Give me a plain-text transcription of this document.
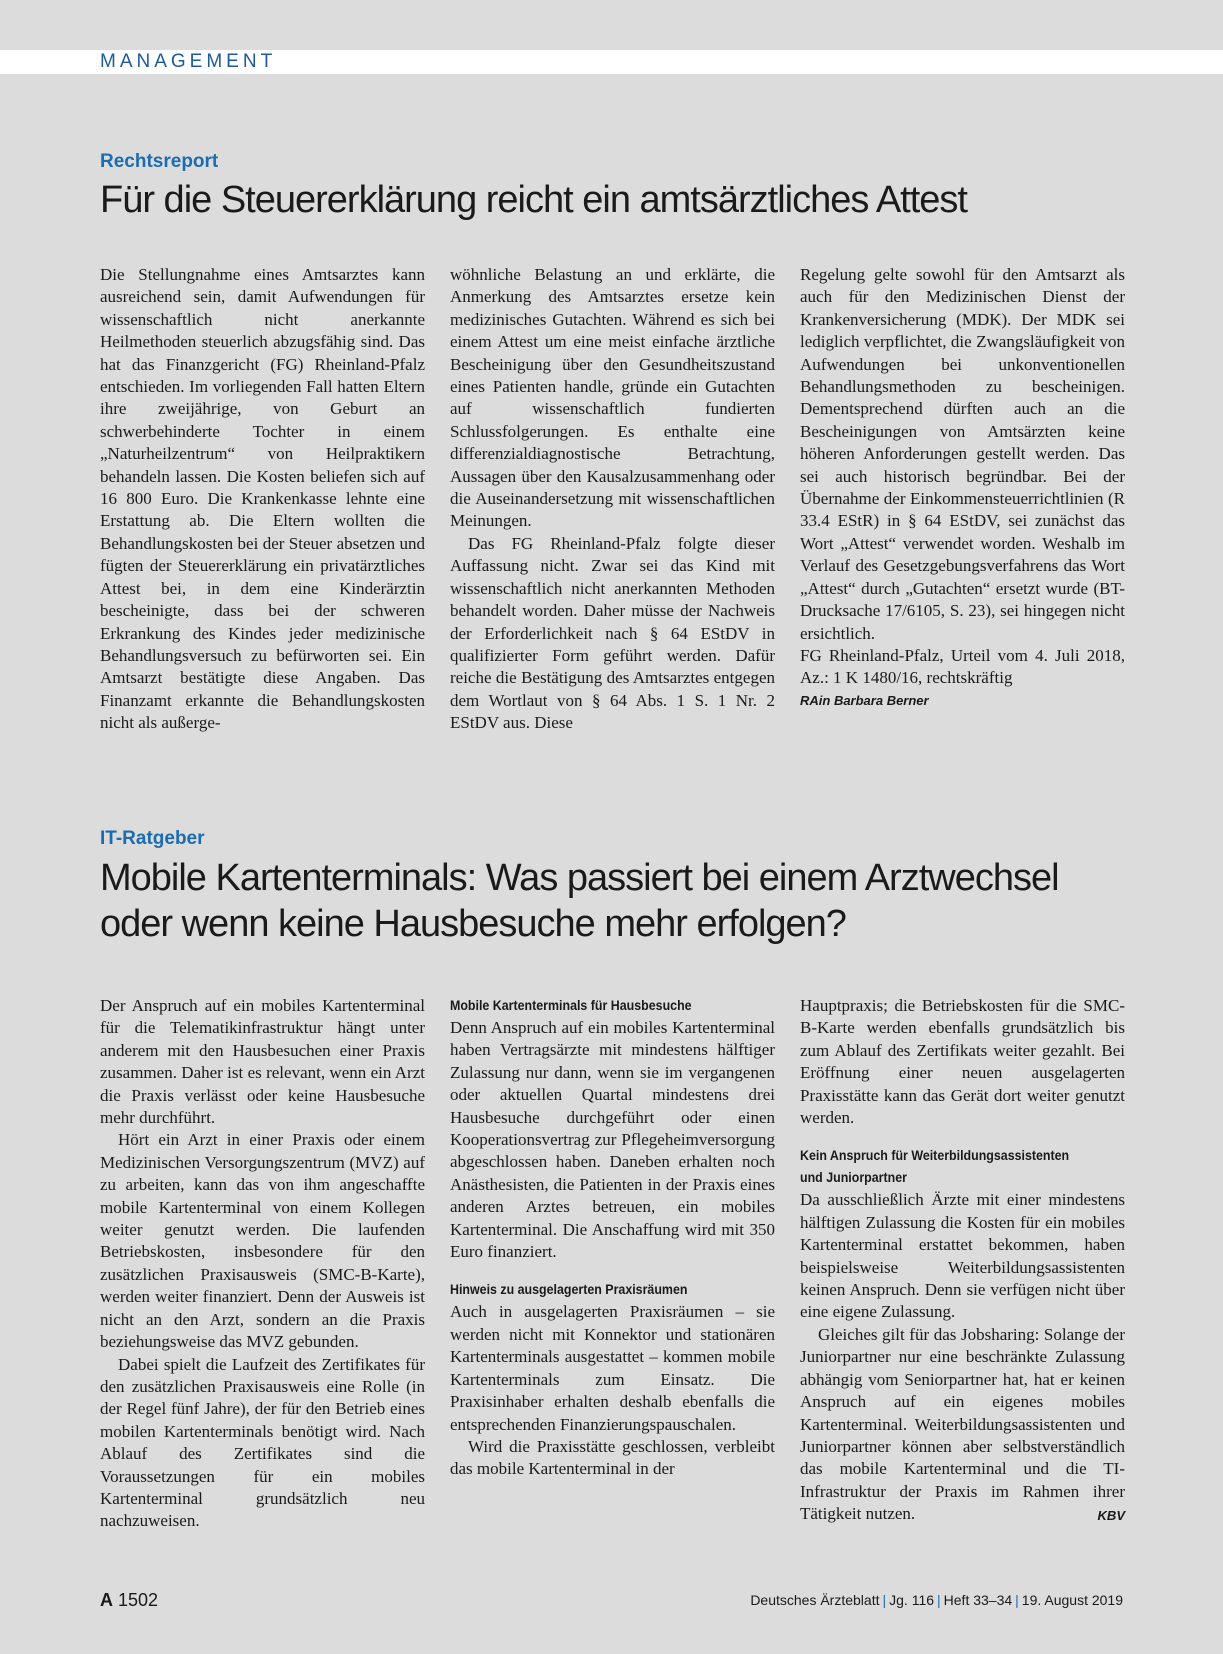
MANAGEMENT
Rechtsreport
Für die Steuererklärung reicht ein amtsärztliches Attest

Die Stellungnahme eines Amtsarztes kann ausreichend sein, damit Aufwendungen für wissenschaftlich nicht anerkannte Heilmethoden steuerlich abzugsfähig sind. Das hat das Finanzgericht (FG) Rheinland-Pfalz entschieden. Im vorliegenden Fall hatten Eltern ihre zweijährige, von Geburt an schwerbehinderte Tochter in einem „Naturheilzentrum“ von Heilpraktikern behandeln lassen. Die Kosten beliefen sich auf 16 800 Euro. Die Krankenkasse lehnte eine Erstattung ab. Die Eltern wollten die Behandlungskosten bei der Steuer absetzen und fügten der Steuererklärung ein privatärztliches Attest bei, in dem eine Kinderärztin bescheinigte, dass bei der schweren Erkrankung des Kindes jeder medizinische Behandlungsversuch zu befürworten sei. Ein Amtsarzt bestätigte diese Angaben. Das Finanzamt erkannte die Behandlungskosten nicht als außerge-

wöhnliche Belastung an und erklärte, die Anmerkung des Amtsarztes ersetze kein medizinisches Gutachten. Während es sich bei einem Attest um eine meist einfache ärztliche Bescheinigung über den Gesundheitszustand eines Patienten handle, gründe ein Gutachten auf wissenschaftlich fundierten Schlussfolgerungen. Es enthalte eine differenzialdiagnostische Betrachtung, Aussagen über den Kausalzusammenhang oder die Auseinandersetzung mit wissenschaftlichen Meinungen.

Das FG Rheinland-Pfalz folgte dieser Auffassung nicht. Zwar sei das Kind mit wissenschaftlich nicht anerkannten Methoden behandelt worden. Daher müsse der Nachweis der Erforderlichkeit nach § 64 EStDV in qualifizierter Form geführt werden. Dafür reiche die Bestätigung des Amtsarztes entgegen dem Wortlaut von § 64 Abs. 1 S. 1 Nr. 2 EStDV aus. Diese

Regelung gelte sowohl für den Amtsarzt als auch für den Medizinischen Dienst der Krankenversicherung (MDK). Der MDK sei lediglich verpflichtet, die Zwangsläufigkeit von Aufwendungen bei unkonventionellen Behandlungsmethoden zu bescheinigen. Dementsprechend dürften auch an die Bescheinigungen von Amtsärzten keine höheren Anforderungen gestellt werden. Das sei auch historisch begründbar. Bei der Übernahme der Einkommensteuerrichtlinien (R 33.4 EStR) in § 64 EStDV, sei zunächst das Wort „Attest“ verwendet worden. Weshalb im Verlauf des Gesetzgebungsverfahrens das Wort „Attest“ durch „Gutachten“ ersetzt wurde (BT-Drucksache 17/6105, S. 23), sei hingegen nicht ersichtlich.

FG Rheinland-Pfalz, Urteil vom 4. Juli 2018, Az.: 1 K 1480/16, rechtskräftig

RAin Barbara Berner
IT-Ratgeber
Mobile Kartenterminals: Was passiert bei einem Arztwechsel
oder wenn keine Hausbesuche mehr erfolgen?

Der Anspruch auf ein mobiles Kartenterminal für die Telematikinfrastruktur hängt unter anderem mit den Hausbesuchen einer Praxis zusammen. Daher ist es relevant, wenn ein Arzt die Praxis verlässt oder keine Hausbesuche mehr durchführt.

Hört ein Arzt in einer Praxis oder einem Medizinischen Versorgungszentrum (MVZ) auf zu arbeiten, kann das von ihm angeschaffte mobile Kartenterminal von einem Kollegen weiter genutzt werden. Die laufenden Betriebskosten, insbesondere für den zusätzlichen Praxisausweis (SMC-B-Karte), werden weiter finanziert. Denn der Ausweis ist nicht an den Arzt, sondern an die Praxis beziehungsweise das MVZ gebunden.

Dabei spielt die Laufzeit des Zertifikates für den zusätzlichen Praxisausweis eine Rolle (in der Regel fünf Jahre), der für den Betrieb eines mobilen Kartenterminals benötigt wird. Nach Ablauf des Zertifikates sind die Voraussetzungen für ein mobiles Kartenterminal grundsätzlich neu nachzuweisen.

Mobile Kartenterminals für Hausbesuche

Denn Anspruch auf ein mobiles Kartenterminal haben Vertragsärzte mit mindestens hälftiger Zulassung nur dann, wenn sie im vergangenen oder aktuellen Quartal mindestens drei Hausbesuche durchgeführt oder einen Kooperationsvertrag zur Pflegeheimversorgung abgeschlossen haben. Daneben erhalten noch Anästhesisten, die Patienten in der Praxis eines anderen Arztes betreuen, ein mobiles Kartenterminal. Die Anschaffung wird mit 350 Euro finanziert.

Hinweis zu ausgelagerten Praxisräumen

Auch in ausgelagerten Praxisräumen – sie werden nicht mit Konnektor und stationären Kartenterminals ausgestattet – kommen mobile Kartenterminals zum Einsatz. Die Praxisinhaber erhalten deshalb ebenfalls die entsprechenden Finanzierungspauschalen.

Wird die Praxisstätte geschlossen, verbleibt das mobile Kartenterminal in der

Hauptpraxis; die Betriebskosten für die SMC-B-Karte werden ebenfalls grundsätzlich bis zum Ablauf des Zertifikats weiter gezahlt. Bei Eröffnung einer neuen ausgelagerten Praxisstätte kann das Gerät dort weiter genutzt werden.

Kein Anspruch für Weiterbildungsassistenten
und Juniorpartner

Da ausschließlich Ärzte mit einer mindestens hälftigen Zulassung die Kosten für ein mobiles Kartenterminal erstattet bekommen, haben beispielsweise Weiterbildungsassistenten keinen Anspruch. Denn sie verfügen nicht über eine eigene Zulassung.

Gleiches gilt für das Jobsharing: Solange der Juniorpartner nur eine beschränkte Zulassung abhängig vom Seniorpartner hat, hat er keinen Anspruch auf ein eigenes mobiles Kartenterminal. Weiterbildungsassistenten und Juniorpartner können aber selbstverständlich das mobile Kartenterminal und die TI-Infrastruktur der Praxis im Rahmen ihrer Tätigkeit nutzen.	KBV

A 1502	Deutsches Ärzteblatt | Jg. 116 | Heft 33–34 | 19. August 2019
